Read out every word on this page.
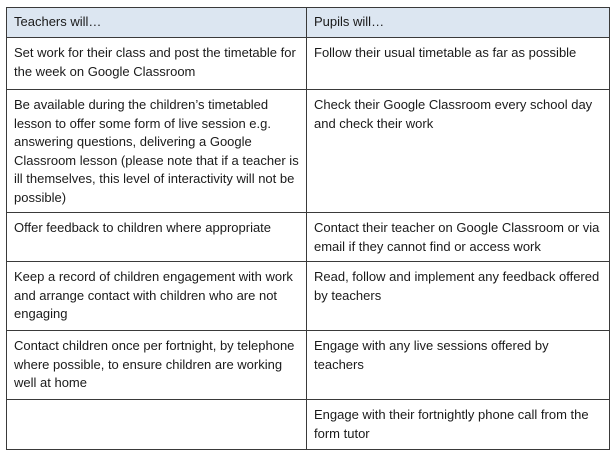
Teachers will…	Pupils will…
Set work for their class and post the timetable for the week on Google Classroom	Follow their usual timetable as far as possible
Be available during the children’s timetabled lesson to offer some form of live session e.g. answering questions, delivering a Google Classroom lesson (please note that if a teacher is ill themselves, this level of interactivity will not be possible)	Check their Google Classroom every school day and check their work
Offer feedback to children where appropriate	Contact their teacher on Google Classroom or via email if they cannot find or access work
Keep a record of children engagement with work and arrange contact with children who are not engaging	Read, follow and implement any feedback offered by teachers
Contact children once per fortnight, by telephone where possible, to ensure children are working well at home	Engage with any live sessions offered by teachers
	Engage with their fortnightly phone call from the form tutor
